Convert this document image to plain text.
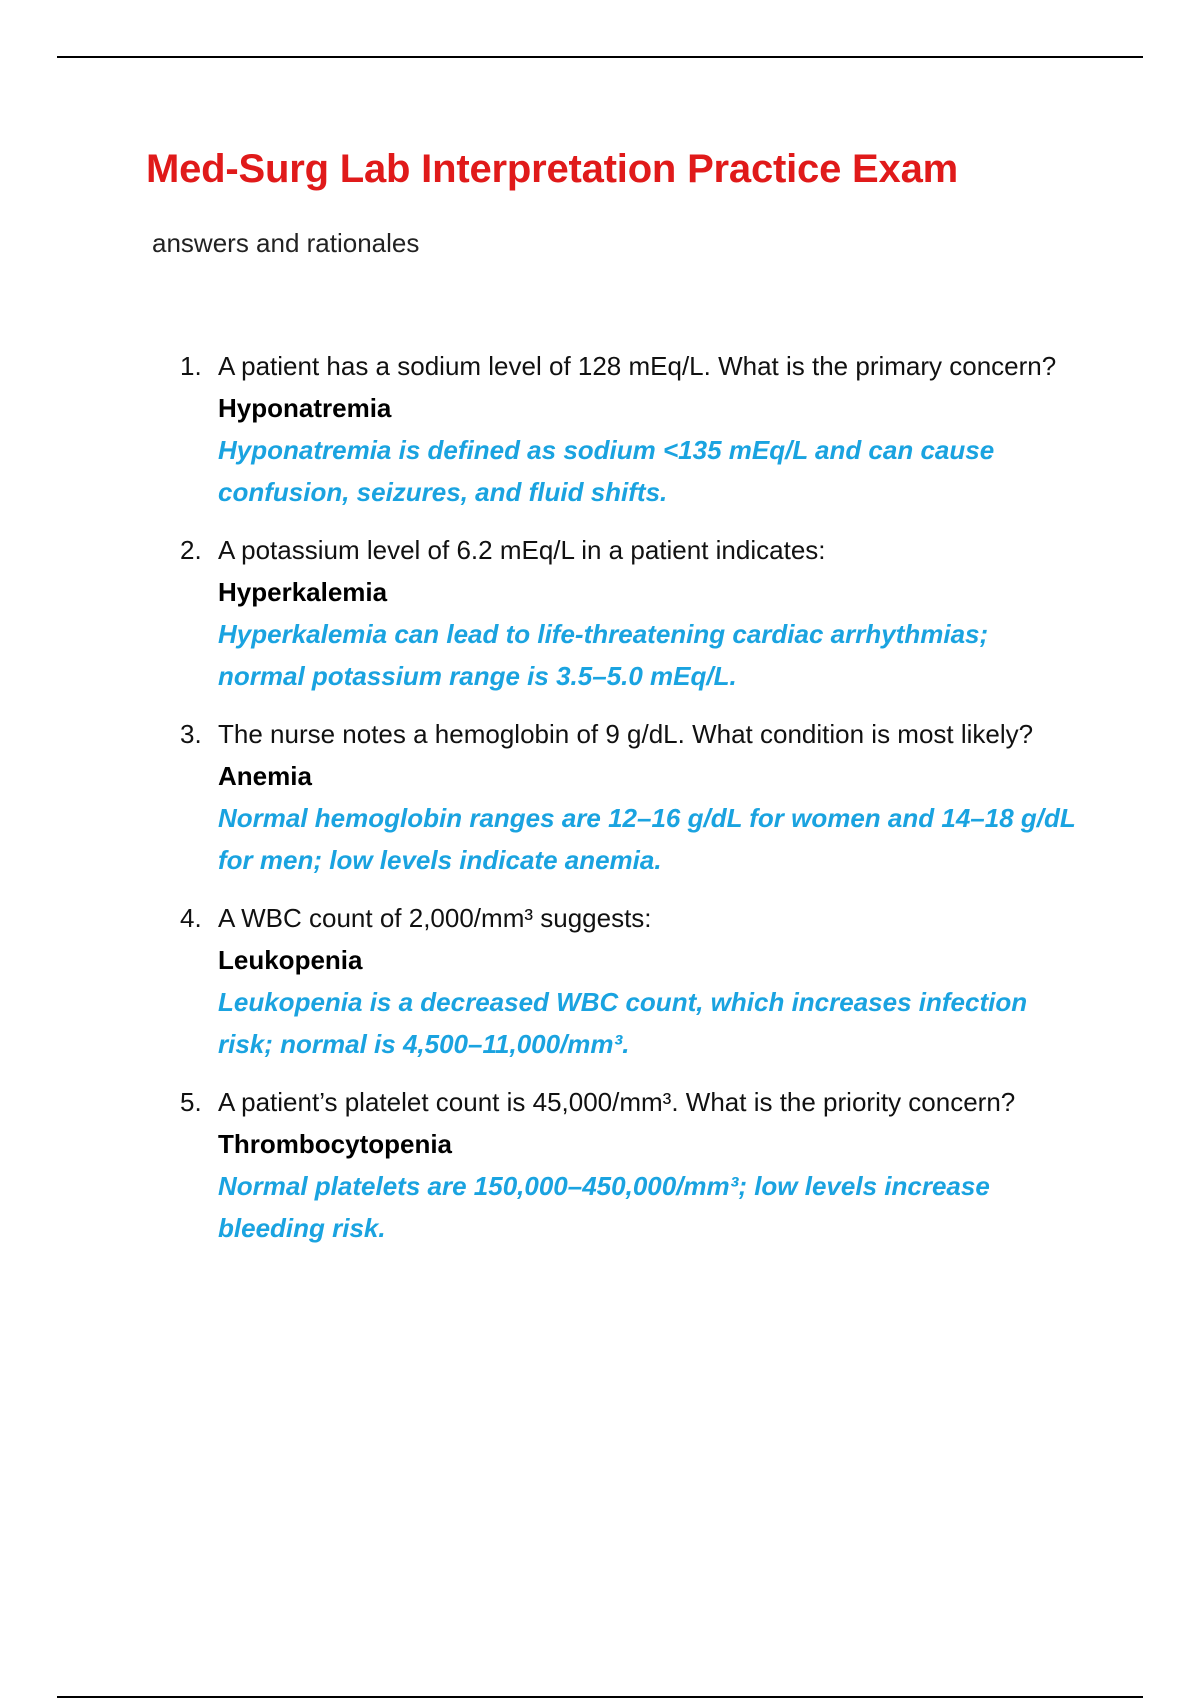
Med-Surg Lab Interpretation Practice Exam

answers and rationales

1. A patient has a sodium level of 128 mEq/L. What is the primary concern?
Hyponatremia
Hyponatremia is defined as sodium <135 mEq/L and can cause confusion, seizures, and fluid shifts.
2. A potassium level of 6.2 mEq/L in a patient indicates:
Hyperkalemia
Hyperkalemia can lead to life-threatening cardiac arrhythmias; normal potassium range is 3.5–5.0 mEq/L.
3. The nurse notes a hemoglobin of 9 g/dL. What condition is most likely?
Anemia
Normal hemoglobin ranges are 12–16 g/dL for women and 14–18 g/dL for men; low levels indicate anemia.
4. A WBC count of 2,000/mm³ suggests:
Leukopenia
Leukopenia is a decreased WBC count, which increases infection risk; normal is 4,500–11,000/mm³.
5. A patient’s platelet count is 45,000/mm³. What is the priority concern?
Thrombocytopenia
Normal platelets are 150,000–450,000/mm³; low levels increase bleeding risk.
